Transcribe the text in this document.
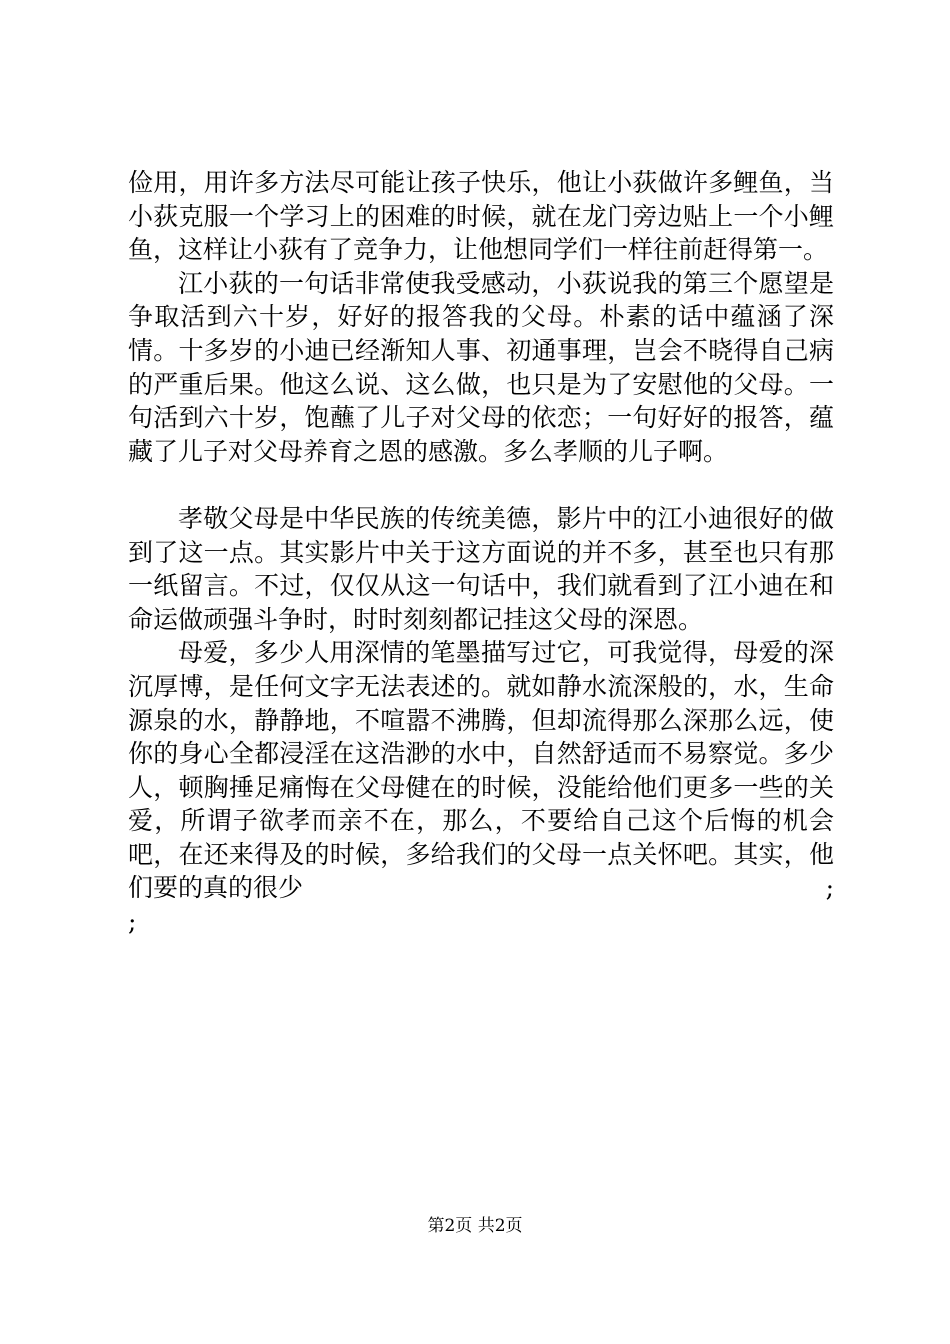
俭用，用许多方法尽可能让孩子快乐，他让小荻做许多鲤鱼，当小荻克服一个学习上的困难的时候，就在龙门旁边贴上一个小鲤鱼，这样让小荻有了竞争力，让他想同学们一样往前赶得第一。

江小荻的一句话非常使我受感动，小荻说我的第三个愿望是争取活到六十岁，好好的报答我的父母。朴素的话中蕴涵了深情。十多岁的小迪已经渐知人事、初通事理，岂会不晓得自己病的严重后果。他这么说、这么做，也只是为了安慰他的父母。一句活到六十岁，饱蘸了儿子对父母的依恋；一句好好的报答，蕴藏了儿子对父母养育之恩的感激。多么孝顺的儿子啊。

孝敬父母是中华民族的传统美德，影片中的江小迪很好的做到了这一点。其实影片中关于这方面说的并不多，甚至也只有那一纸留言。不过，仅仅从这一句话中，我们就看到了江小迪在和命运做顽强斗争时，时时刻刻都记挂这父母的深恩。

母爱，多少人用深情的笔墨描写过它，可我觉得，母爱的深沉厚博，是任何文字无法表述的。就如静水流深般的，水，生命源泉的水，静静地，不喧嚣不沸腾，但却流得那么深那么远，使你的身心全都浸淫在这浩渺的水中，自然舒适而不易察觉。多少人，顿胸捶足痛悔在父母健在的时候，没能给他们更多一些的关爱，所谓子欲孝而亲不在，那么，不要给自己这个后悔的机会吧，在还来得及的时候，多给我们的父母一点关怀吧。其实，他们要的真的很少	;

;

第2页 共2页
